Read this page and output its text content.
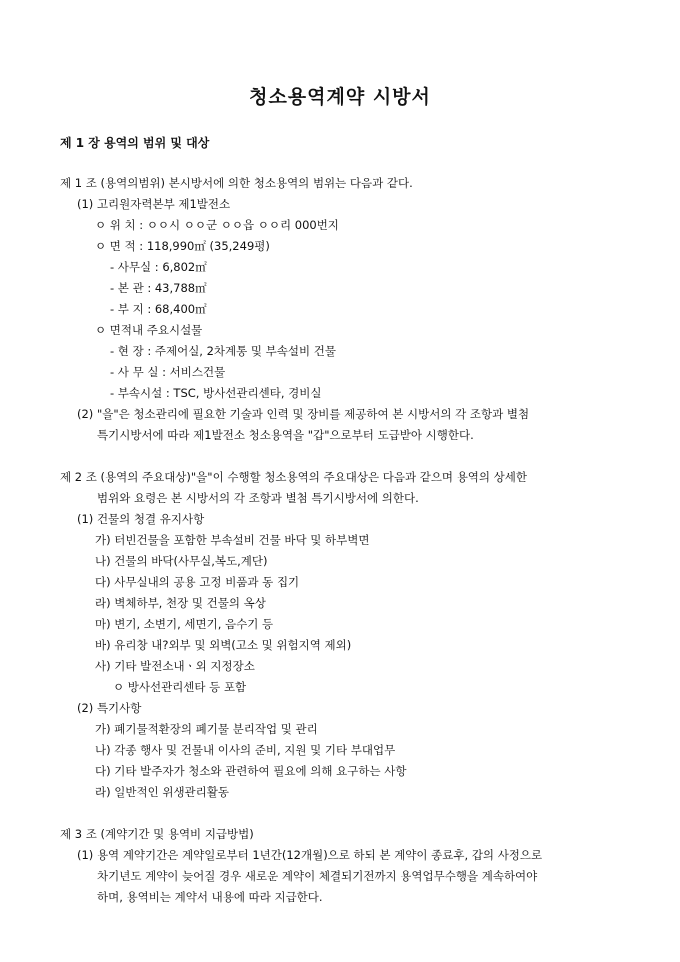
청소용역계약 시방서
제 1 장 용역의 범위 및 대상
제 1 조 (용역의범위) 본시방서에 의한 청소용역의 범위는 다음과 같다.
(1) 고리원자력본부 제1발전소
ㅇ 위 치 : ㅇㅇ시 ㅇㅇ군 ㅇㅇ읍 ㅇㅇ리 000번지
ㅇ 면 적 : 118,990㎡ (35,249평)
- 사무실 : 6,802㎡
- 본 관 : 43,788㎡
- 부 지 : 68,400㎡
ㅇ 면적내 주요시설물
- 현 장 : 주제어실, 2차계통 및 부속설비 건물
- 사 무 실 : 서비스건물
- 부속시설 : TSC, 방사선관리센타, 경비실
(2) "을"은 청소관리에 필요한 기술과 인력 및 장비를 제공하여 본 시방서의 각 조항과 별첨
특기시방서에 따라 제1발전소 청소용역을 "갑"으로부터 도급받아 시행한다.
제 2 조 (용역의 주요대상)"을"이 수행할 청소용역의 주요대상은 다음과 같으며 용역의 상세한
범위와 요령은 본 시방서의 각 조항과 별첨 특기시방서에 의한다.
(1) 건물의 청결 유지사항
가) 터빈건물을 포함한 부속설비 건물 바닥 및 하부벽면
나) 건물의 바닥(사무실,복도,계단)
다) 사무실내의 공용 고정 비품과 동 집기
라) 벽체하부, 천장 및 건물의 옥상
마) 변기, 소변기, 세면기, 음수기 등
바) 유리창 내?외부 및 외벽(고소 및 위험지역 제외)
사) 기타 발전소내ㆍ외 지정장소
ㅇ 방사선관리센타 등 포함
(2) 특기사항
가) 폐기물적환장의 폐기물 분리작업 및 관리
나) 각종 행사 및 건물내 이사의 준비, 지원 및 기타 부대업무
다) 기타 발주자가 청소와 관련하여 필요에 의해 요구하는 사항
라) 일반적인 위생관리활동
제 3 조 (계약기간 및 용역비 지급방법)
(1) 용역 계약기간은 계약일로부터 1년간(12개월)으로 하되 본 계약이 종료후, 갑의 사정으로
차기년도 계약이 늦어질 경우 새로운 계약이 체결되기전까지 용역업무수행을 계속하여야
하며, 용역비는 계약서 내용에 따라 지급한다.
